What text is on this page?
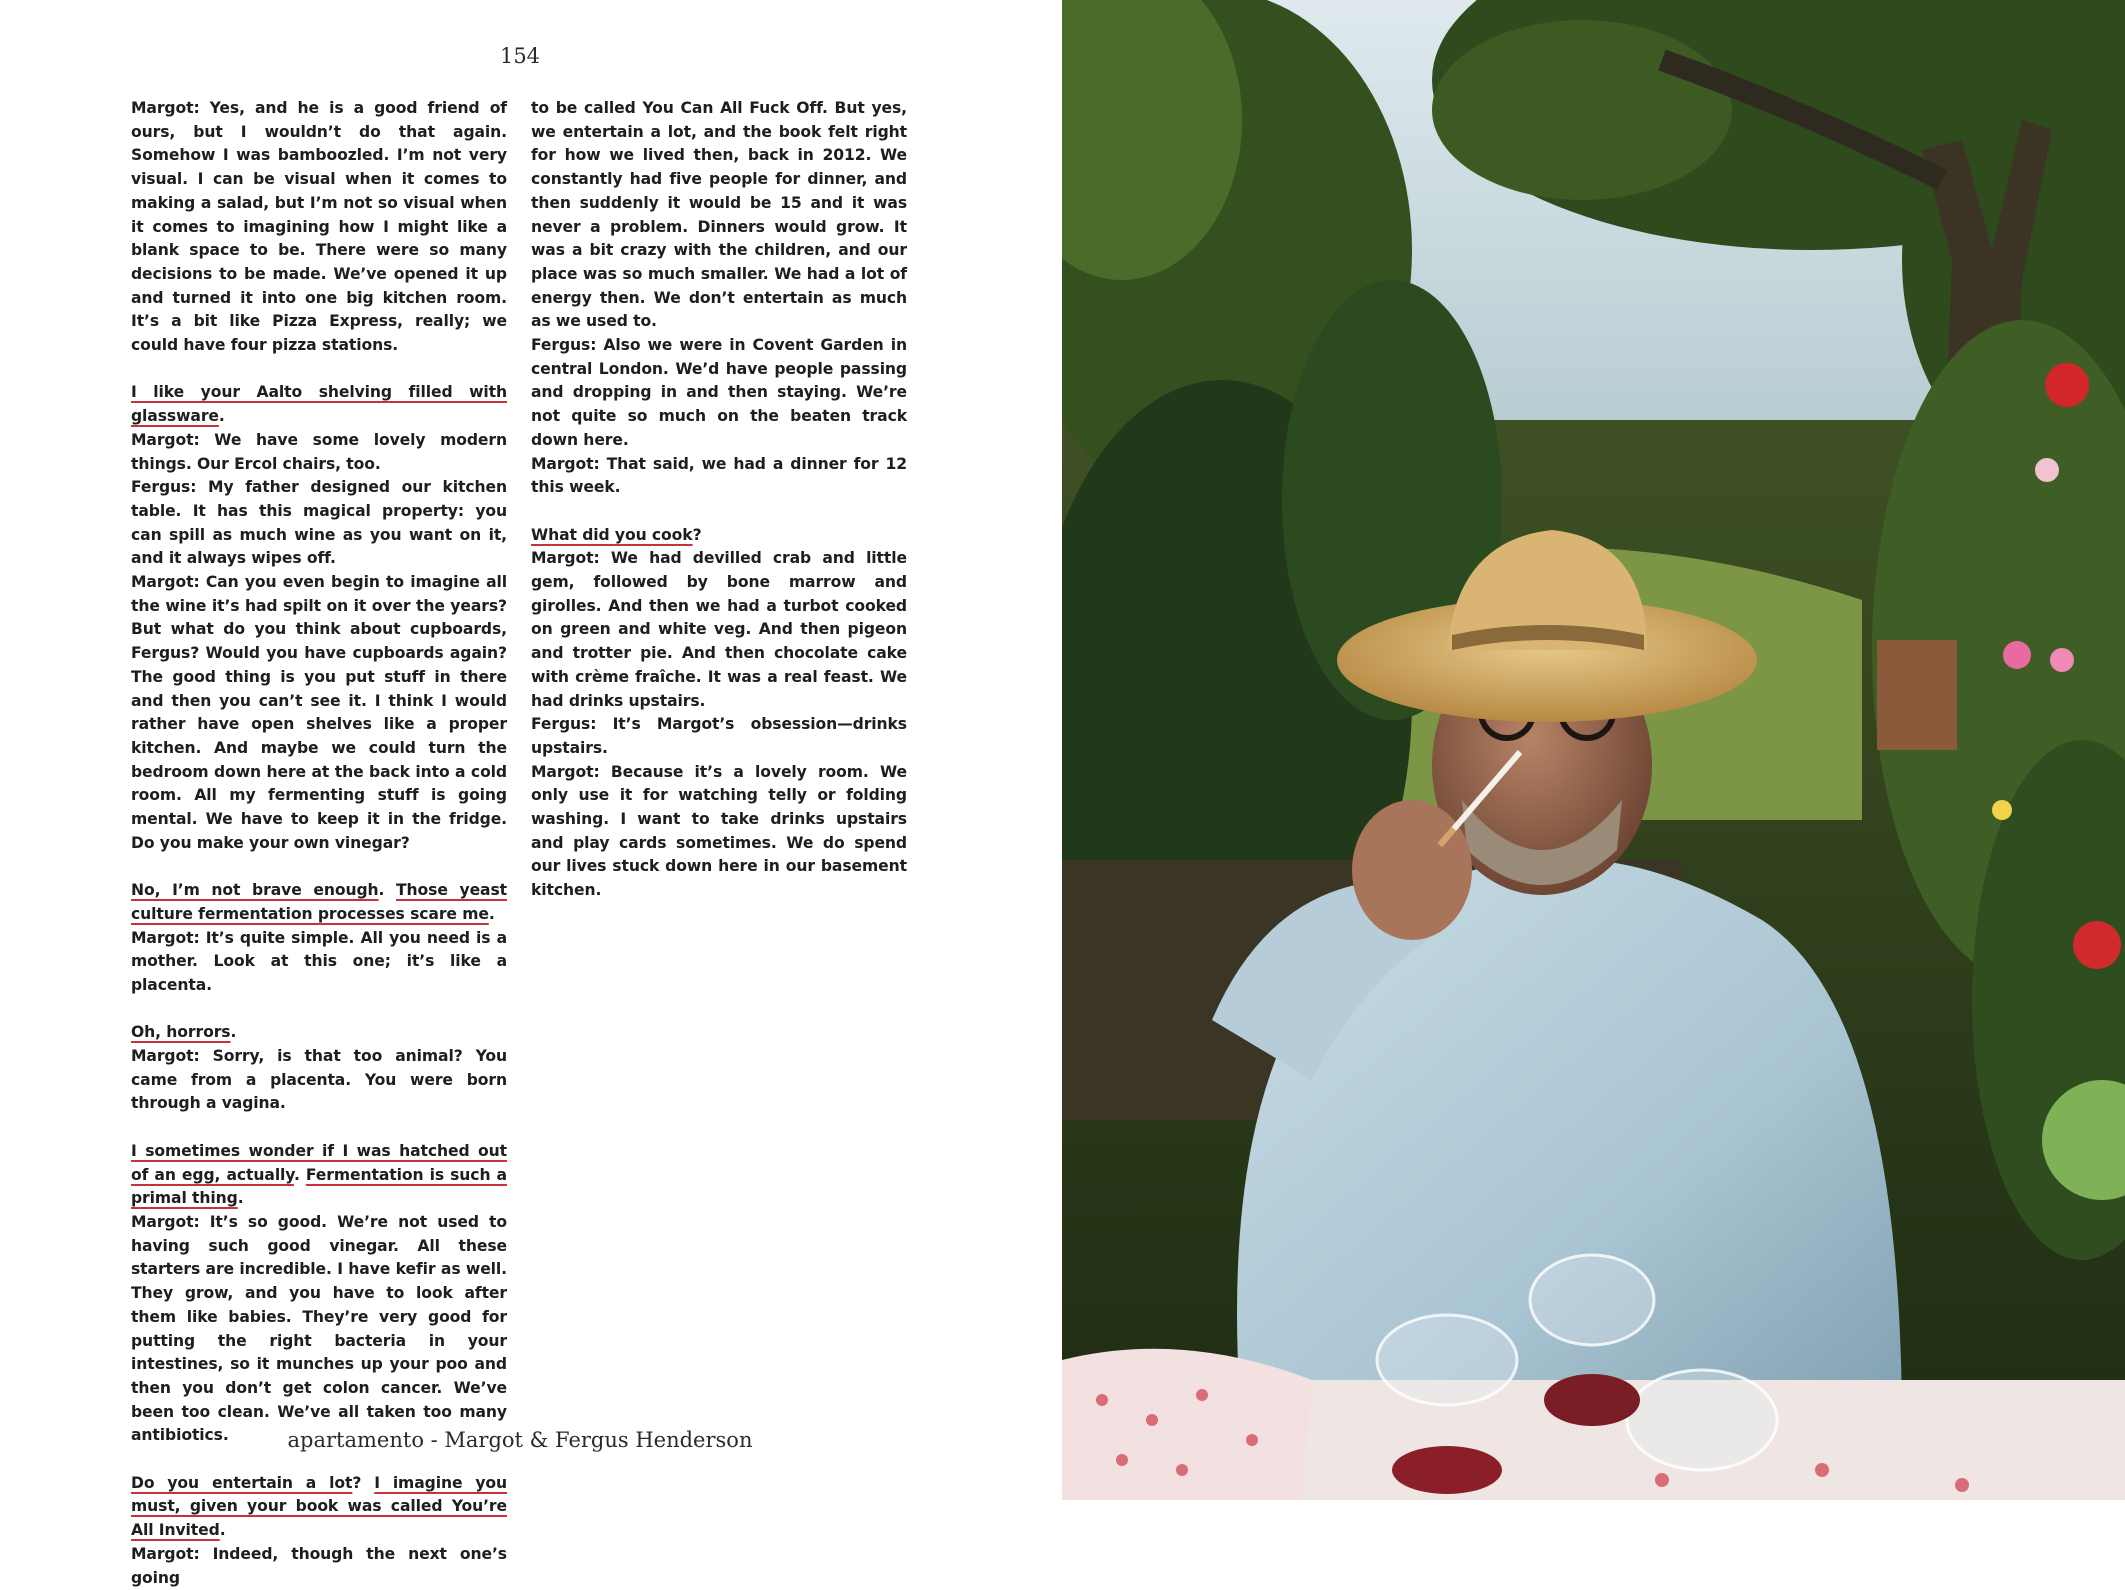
154

Margot: Yes, and he is a good friend of ours, but I wouldn’t do that again. Somehow I was bamboozled. I’m not very visual. I can be visual when it comes to making a salad, but I’m not so visual when it comes to imagining how I might like a blank space to be. There were so many decisions to be made. We’ve opened it up and turned it into one big kitchen room. It’s a bit like Pizza Express, really; we could have four pizza stations.

I like your Aalto shelving filled with glassware.

Margot: We have some lovely modern things. Our Ercol chairs, too.

Fergus: My father designed our kitchen table. It has this magical property: you can spill as much wine as you want on it, and it always wipes off.

Margot: Can you even begin to imagine all the wine it’s had spilt on it over the years? But what do you think about cupboards, Fergus? Would you have cupboards again? The good thing is you put stuff in there and then you can’t see it. I think I would rather have open shelves like a proper kitchen. And maybe we could turn the bedroom down here at the back into a cold room. All my fermenting stuff is going mental. We have to keep it in the fridge. Do you make your own vinegar?

No, I’m not brave enough. Those yeast culture fermentation processes scare me.

Margot: It’s quite simple. All you need is a mother. Look at this one; it’s like a placenta.

Oh, horrors.

Margot: Sorry, is that too animal? You came from a placenta. You were born through a vagina.

I sometimes wonder if I was hatched out of an egg, actually. Fermentation is such a primal thing.

Margot: It’s so good. We’re not used to having such good vinegar. All these starters are incredible. I have kefir as well. They grow, and you have to look after them like babies. They’re very good for putting the right bacteria in your intestines, so it munches up your poo and then you don’t get colon cancer. We’ve been too clean. We’ve all taken too many antibiotics.

Do you entertain a lot? I imagine you must, given your book was called You’re All Invited.

Margot: Indeed, though the next one’s going

to be called You Can All Fuck Off. But yes, we entertain a lot, and the book felt right for how we lived then, back in 2012. We constantly had five people for dinner, and then suddenly it would be 15 and it was never a problem. Dinners would grow. It was a bit crazy with the children, and our place was so much smaller. We had a lot of energy then. We don’t entertain as much as we used to.

Fergus: Also we were in Covent Garden in central London. We’d have people passing and dropping in and then staying. We’re not quite so much on the beaten track down here.

Margot: That said, we had a dinner for 12 this week.

What did you cook?

Margot: We had devilled crab and little gem, followed by bone marrow and girolles. And then we had a turbot cooked on green and white veg. And then pigeon and trotter pie. And then chocolate cake with crème fraîche. It was a real feast. We had drinks upstairs.

Fergus: It’s Margot’s obsession—drinks upstairs.

Margot: Because it’s a lovely room. We only use it for watching telly or folding washing. I want to take drinks upstairs and play cards sometimes. We do spend our lives stuck down here in our basement kitchen.

apartamento - Margot & Fergus Henderson
